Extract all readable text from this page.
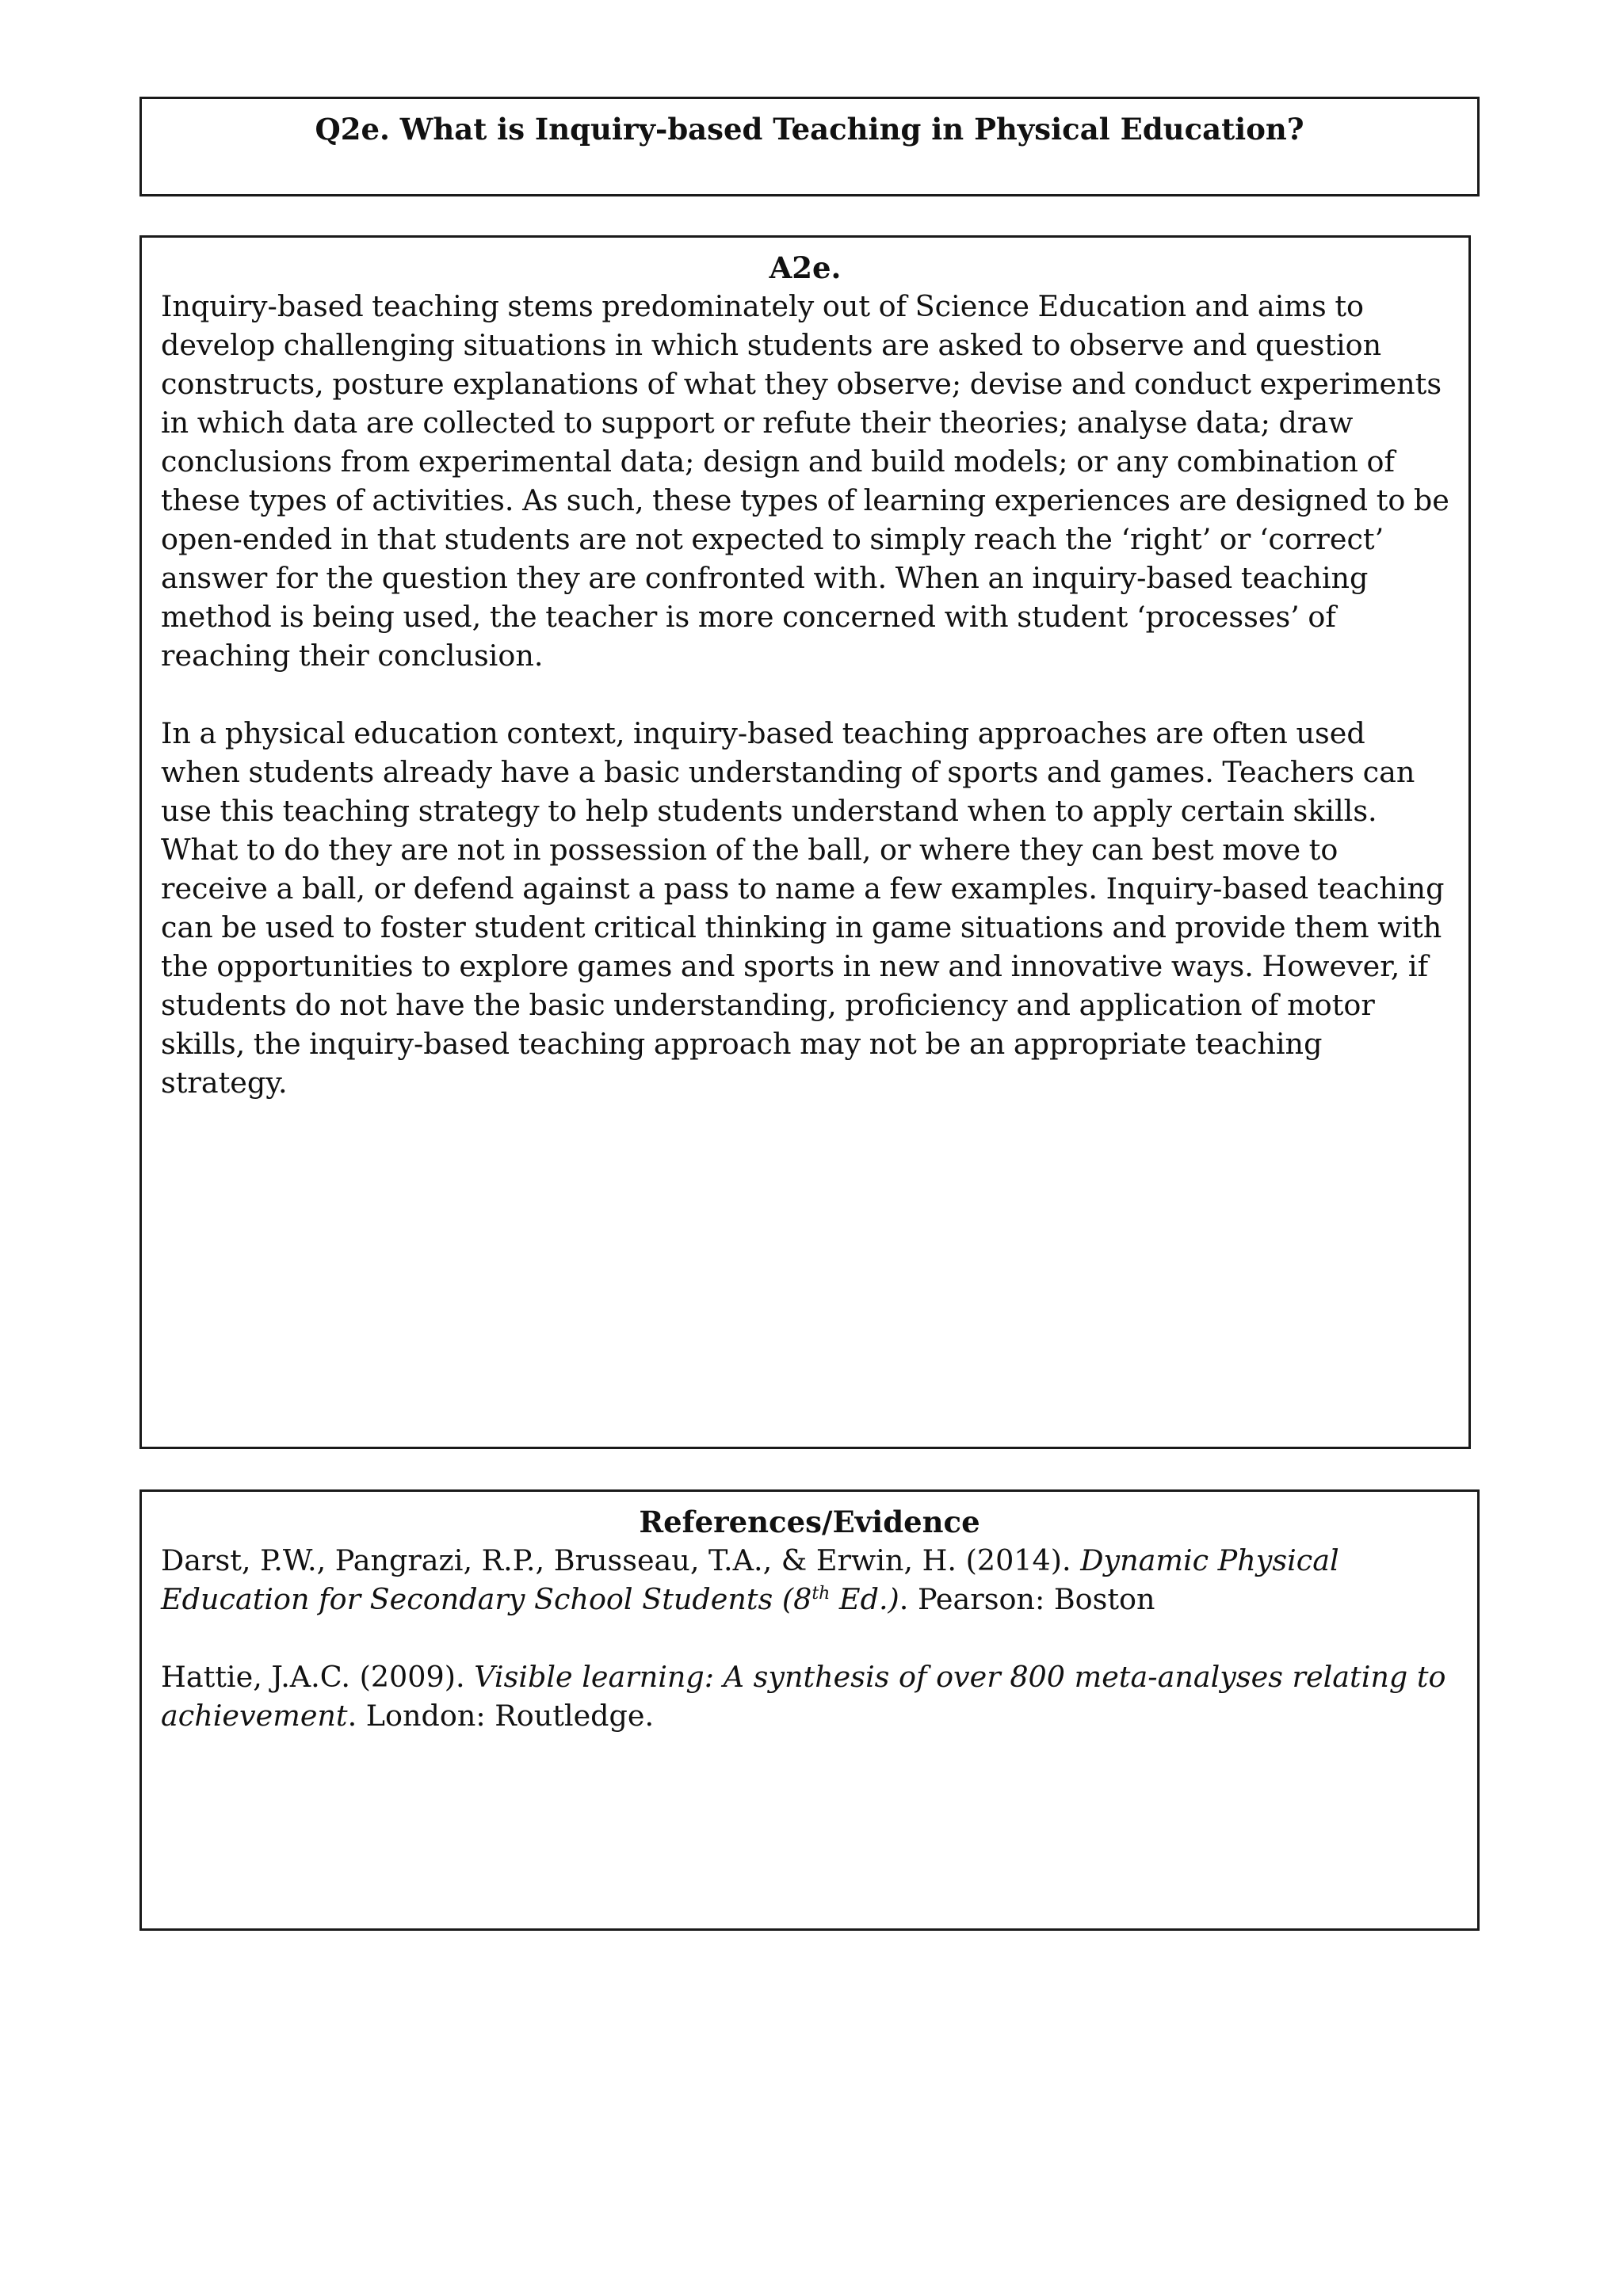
Q2e. What is Inquiry-based Teaching in Physical Education?

A2e.

Inquiry-based teaching stems predominately out of Science Education and aims to develop challenging situations in which students are asked to observe and question constructs, posture explanations of what they observe; devise and conduct experiments in which data are collected to support or refute their theories; analyse data; draw conclusions from experimental data; design and build models; or any combination of these types of activities. As such, these types of learning experiences are designed to be open-ended in that students are not expected to simply reach the ‘right’ or ‘correct’ answer for the question they are confronted with. When an inquiry-based teaching method is being used, the teacher is more concerned with student ‘processes’ of reaching their conclusion.

In a physical education context, inquiry-based teaching approaches are often used when students already have a basic understanding of sports and games. Teachers can use this teaching strategy to help students understand when to apply certain skills. What to do they are not in possession of the ball, or where they can best move to receive a ball, or defend against a pass to name a few examples. Inquiry-based teaching can be used to foster student critical thinking in game situations and provide them with the opportunities to explore games and sports in new and innovative ways. However, if students do not have the basic understanding, proficiency and application of motor skills, the inquiry-based teaching approach may not be an appropriate teaching strategy.

References/Evidence

Darst, P.W., Pangrazi, R.P., Brusseau, T.A., & Erwin, H. (2014). Dynamic Physical Education for Secondary School Students (8th Ed.). Pearson: Boston

Hattie, J.A.C. (2009). Visible learning: A synthesis of over 800 meta-analyses relating to achievement. London: Routledge.
